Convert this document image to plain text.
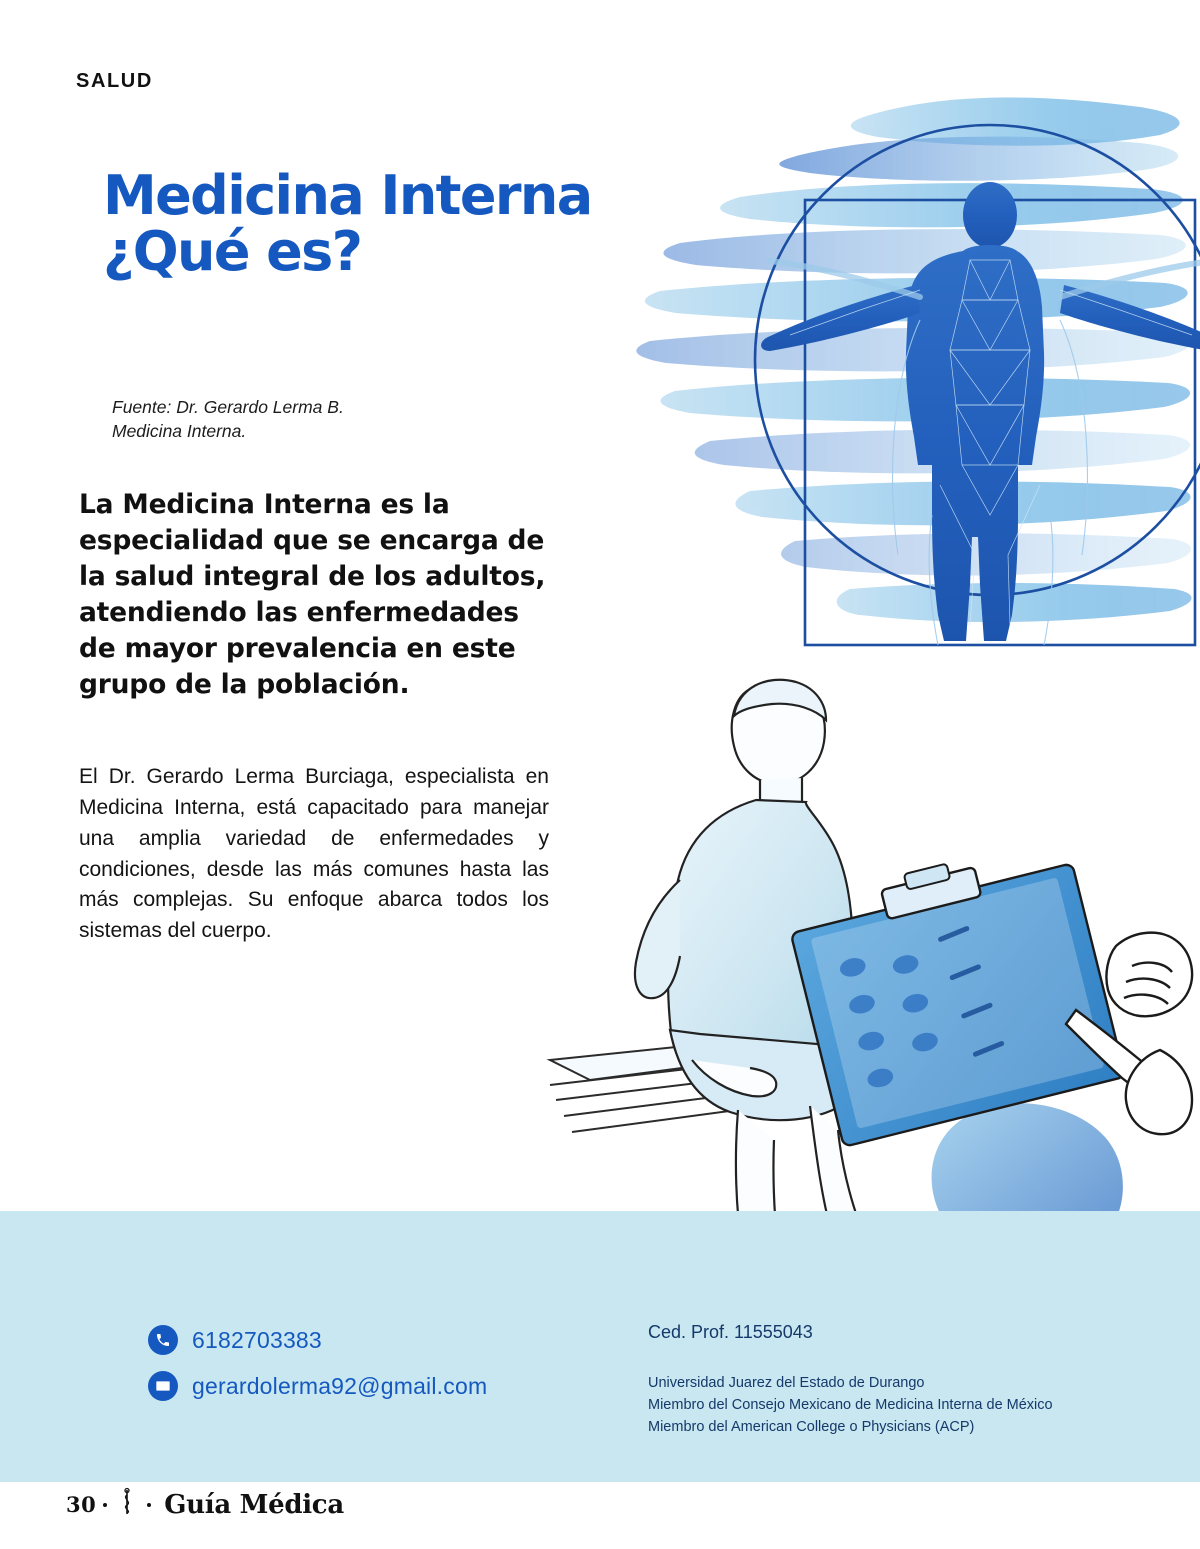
SALUD
Medicina Interna
¿Qué es?
Fuente: Dr. Gerardo Lerma B.
Medicina Interna.
La Medicina Interna es la especialidad que se encarga de la salud integral de los adultos, atendiendo las enfermedades de mayor prevalencia en este grupo de la población.
El Dr. Gerardo Lerma Burciaga, especialista en Medicina Interna, está capacitado para manejar una amplia variedad de enfermedades y condiciones, desde las más comunes hasta las más complejas. Su enfoque abarca todos los sistemas del cuerpo.
6182703383
gerardolerma92@gmail.com
Ced. Prof. 11555043
Universidad Juarez del Estado de Durango
Miembro del Consejo Mexicano de Medicina Interna de México
Miembro del American College o Physicians (ACP)
30	Guía Médica
